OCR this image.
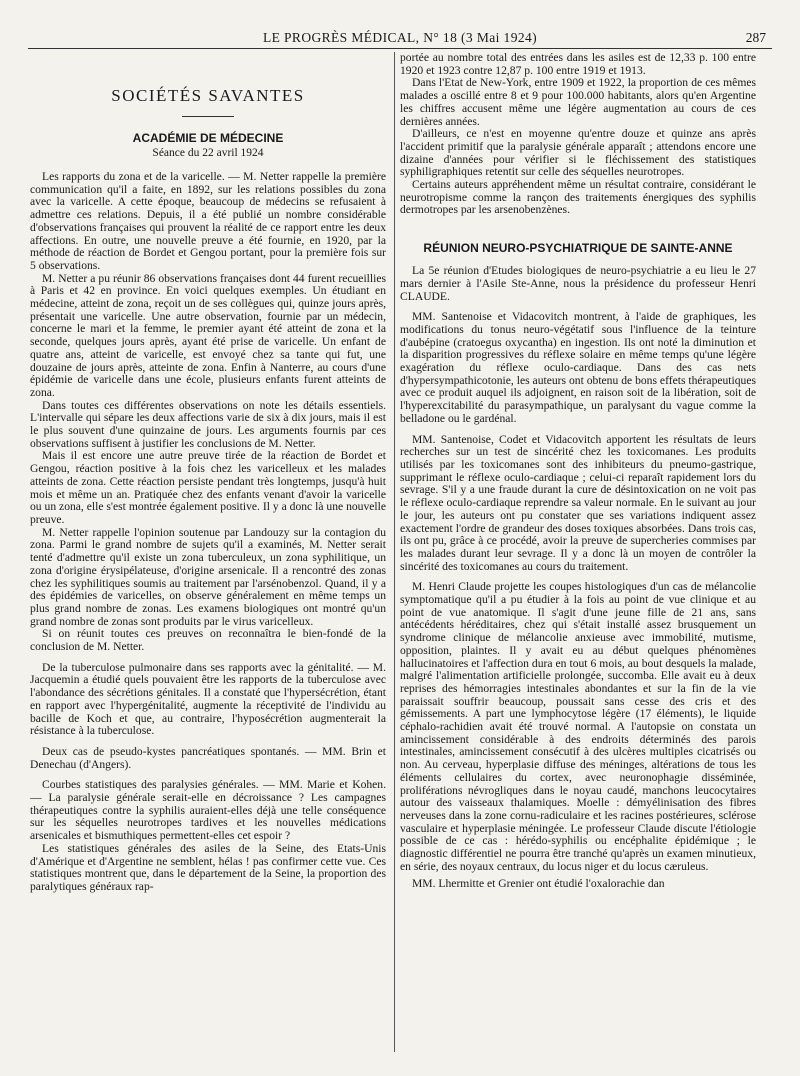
LE PROGRÈS MÉDICAL, N° 18 (3 Mai 1924)	287
SOCIÉTÉS SAVANTES
ACADÉMIE DE MÉDECINE
Séance du 22 avril 1924

Les rapports du zona et de la varicelle. — M. Netter rappelle la première communication qu'il a faite, en 1892, sur les relations possibles du zona avec la varicelle. A cette époque, beaucoup de médecins se refusaient à admettre ces relations. Depuis, il a été publié un nombre considérable d'observations françaises qui prouvent la réalité de ce rapport entre les deux affections. En outre, une nouvelle preuve a été fournie, en 1920, par la méthode de réaction de Bordet et Gengou portant, pour la première fois sur 5 observations.

M. Netter a pu réunir 86 observations françaises dont 44 furent recueillies à Paris et 42 en province. En voici quelques exemples. Un étudiant en médecine, atteint de zona, reçoit un de ses collègues qui, quinze jours après, présentait une varicelle. Une autre observation, fournie par un médecin, concerne le mari et la femme, le premier ayant été atteint de zona et la seconde, quelques jours après, ayant été prise de varicelle. Un enfant de quatre ans, atteint de varicelle, est envoyé chez sa tante qui fut, une douzaine de jours après, atteinte de zona. Enfin à Nanterre, au cours d'une épidémie de varicelle dans une école, plusieurs enfants furent atteints de zona.

Dans toutes ces différentes observations on note les détails essentiels. L'intervalle qui sépare les deux affections varie de six à dix jours, mais il est le plus souvent d'une quinzaine de jours. Les arguments fournis par ces observations suffisent à justifier les conclusions de M. Netter.

Mais il est encore une autre preuve tirée de la réaction de Bordet et Gengou, réaction positive à la fois chez les varicelleux et les malades atteints de zona. Cette réaction persiste pendant très longtemps, jusqu'à huit mois et même un an. Pratiquée chez des enfants venant d'avoir la varicelle ou un zona, elle s'est montrée également positive. Il y a donc là une nouvelle preuve.

M. Netter rappelle l'opinion soutenue par Landouzy sur la contagion du zona. Parmi le grand nombre de sujets qu'il a examinés, M. Netter serait tenté d'admettre qu'il existe un zona tuberculeux, un zona syphilitique, un zona d'origine érysipélateuse, d'origine arsenicale. Il a rencontré des zonas chez les syphilitiques soumis au traitement par l'arsénobenzol. Quand, il y a des épidémies de varicelles, on observe généralement en même temps un plus grand nombre de zonas. Les examens biologiques ont montré qu'un grand nombre de zonas sont produits par le virus varicelleux.

Si on réunit toutes ces preuves on reconnaîtra le bien-fondé de la conclusion de M. Netter.

De la tuberculose pulmonaire dans ses rapports avec la génitalité. — M. Jacquemin a étudié quels pouvaient être les rapports de la tuberculose avec l'abondance des sécrétions génitales. Il a constaté que l'hypersécrétion, étant en rapport avec l'hypergénitalité, augmente la réceptivité de l'individu au bacille de Koch et que, au contraire, l'hyposécrétion augmenterait la résistance à la tuberculose.

Deux cas de pseudo-kystes pancréatiques spontanés. — MM. Brin et Denechau (d'Angers).

Courbes statistiques des paralysies générales. — MM. Marie et Kohen. — La paralysie générale serait-elle en décroissance ? Les campagnes thérapeutiques contre la syphilis auraient-elles déjà une telle conséquence sur les séquelles neurotropes tardives et les nouvelles médications arsenicales et bismuthiques permettent-elles cet espoir ?

Les statistiques générales des asiles de la Seine, des Etats-Unis d'Amérique et d'Argentine ne semblent, hélas ! pas confirmer cette vue. Ces statistiques montrent que, dans le département de la Seine, la proportion des paralytiques généraux rap-

portée au nombre total des entrées dans les asiles est de 12,33 p. 100 entre 1920 et 1923 contre 12,87 p. 100 entre 1919 et 1913.

Dans l'Etat de New-York, entre 1909 et 1922, la proportion de ces mêmes malades a oscillé entre 8 et 9 pour 100.000 habitants, alors qu'en Argentine les chiffres accusent même une légère augmentation au cours de ces dernières années.

D'ailleurs, ce n'est en moyenne qu'entre douze et quinze ans après l'accident primitif que la paralysie générale apparaît ; attendons encore une dizaine d'années pour vérifier si le fléchissement des statistiques syphiligraphiques retentit sur celle des séquelles neurotropes.

Certains auteurs appréhendent même un résultat contraire, considérant le neurotropisme comme la rançon des traitements énergiques des syphilis dermotropes par les arsenobenzènes.

RÉUNION NEURO-PSYCHIATRIQUE DE SAINTE-ANNE

La 5e réunion d'Etudes biologiques de neuro-psychiatrie a eu lieu le 27 mars dernier à l'Asile Ste-Anne, nous la présidence du professeur Henri CLAUDE.

MM. Santenoise et Vidacovitch montrent, à l'aide de graphiques, les modifications du tonus neuro-végétatif sous l'influence de la teinture d'aubépine (cratoegus oxycantha) en ingestion. Ils ont noté la diminution et la disparition progressives du réflexe solaire en même temps qu'une légère exagération du réflexe oculo-cardiaque. Dans des cas nets d'hypersympathicotonie, les auteurs ont obtenu de bons effets thérapeutiques avec ce produit auquel ils adjoignent, en raison soit de la libération, soit de l'hyperexcitabilité du parasympathique, un paralysant du vague comme la belladone ou le gardénal.

MM. Santenoise, Codet et Vidacovitch apportent les résultats de leurs recherches sur un test de sincérité chez les toxicomanes. Les produits utilisés par les toxicomanes sont des inhibiteurs du pneumo-gastrique, supprimant le réflexe oculo-cardiaque ; celui-ci reparaît rapidement lors du sevrage. S'il y a une fraude durant la cure de désintoxication on ne voit pas le réflexe oculo-cardiaque reprendre sa valeur normale. En le suivant au jour le jour, les auteurs ont pu constater que ses variations indiquent assez exactement l'ordre de grandeur des doses toxiques absorbées. Dans trois cas, ils ont pu, grâce à ce procédé, avoir la preuve de supercheries commises par les malades durant leur sevrage. Il y a donc là un moyen de contrôler la sincérité des toxicomanes au cours du traitement.

M. Henri Claude projette les coupes histologiques d'un cas de mélancolie symptomatique qu'il a pu étudier à la fois au point de vue clinique et au point de vue anatomique. Il s'agit d'une jeune fille de 21 ans, sans antécédents héréditaires, chez qui s'était installé assez brusquement un syndrome clinique de mélancolie anxieuse avec immobilité, mutisme, opposition, plaintes. Il y avait eu au début quelques phénomènes hallucinatoires et l'affection dura en tout 6 mois, au bout desquels la malade, malgré l'alimentation artificielle prolongée, succomba. Elle avait eu à deux reprises des hémorragies intestinales abondantes et sur la fin de la vie paraissait souffrir beaucoup, poussait sans cesse des cris et des gémissements. A part une lymphocytose légère (17 éléments), le liquide céphalo-rachidien avait été trouvé normal. A l'autopsie on constata un amincissement considérable à des endroits déterminés des parois intestinales, amincissement consécutif à des ulcères multiples cicatrisés ou non. Au cerveau, hyperplasie diffuse des méninges, altérations de tous les éléments cellulaires du cortex, avec neuronophagie disséminée, proliférations névrogliques dans le noyau caudé, manchons leucocytaires autour des vaisseaux thalamiques. Moelle : démyélinisation des fibres nerveuses dans la zone cornu-radiculaire et les racines postérieures, sclérose vasculaire et hyperplasie méningée. Le professeur Claude discute l'étiologie possible de ce cas : hérédo-syphilis ou encéphalite épidémique ; le diagnostic différentiel ne pourra être tranché qu'après un examen minutieux, en série, des noyaux centraux, du locus niger et du locus cæruleus.

MM. Lhermitte et Grenier ont étudié l'oxalorachie dan
